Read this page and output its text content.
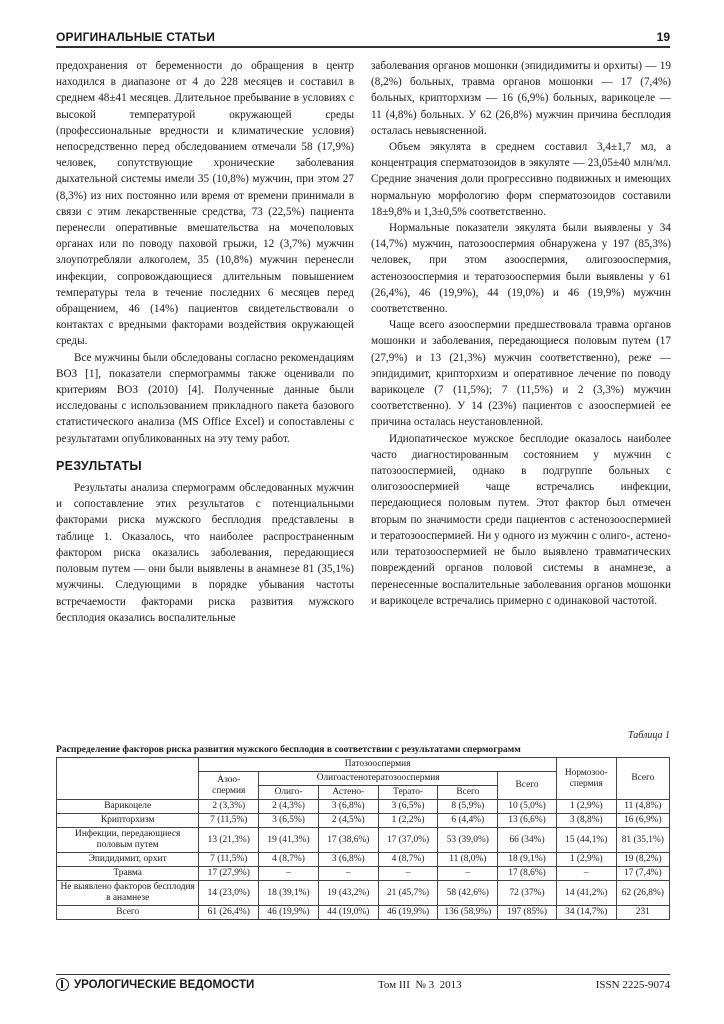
ОРИГИНАЛЬНЫЕ СТАТЬИ	19

предохранения от беременности до обращения в центр находился в диапазоне от 4 до 228 месяцев и составил в среднем 48±41 месяцев. Длительное пребывание в условиях с высокой температурой окружающей среды (профессиональные вредности и климатические условия) непосредственно перед обследованием отмечали 58 (17,9%) человек, сопутствующие хронические заболевания дыхательной системы имели 35 (10,8%) мужчин, при этом 27 (8,3%) из них постоянно или время от времени принимали в связи с этим лекарственные средства, 73 (22,5%) пациента перенесли оперативные вмешательства на мочеполовых органах или по поводу паховой грыжи, 12 (3,7%) мужчин злоупотребляли алкоголем, 35 (10,8%) мужчин перенесли инфекции, сопровождающиеся длительным повышением температуры тела в течение последних 6 месяцев перед обращением, 46 (14%) пациентов свидетельствовали о контактах с вредными факторами воздействия окружающей среды.

Все мужчины были обследованы согласно рекомендациям ВОЗ [1], показатели спермограммы также оценивали по критериям ВОЗ (2010) [4]. Полученные данные были исследованы с использованием прикладного пакета базового статистического анализа (MS Office Excel) и сопоставлены с результатами опубликованных на эту тему работ.

РЕЗУЛЬТАТЫ

Результаты анализа спермограмм обследованных мужчин и сопоставление этих результатов с потенциальными факторами риска мужского бесплодия представлены в таблице 1. Оказалось, что наиболее распространенным фактором риска оказались заболевания, передающиеся половым путем — они были выявлены в анамнезе 81 (35,1%) мужчины. Следующими в порядке убывания частоты встречаемости факторами риска развития мужского бесплодия оказались воспалительные

заболевания органов мошонки (эпидидимиты и орхиты) — 19 (8,2%) больных, травма органов мошонки — 17 (7,4%) больных, крипторхизм — 16 (6,9%) больных, варикоцеле — 11 (4,8%) больных. У 62 (26,8%) мужчин причина бесплодия осталась невыясненной.

Объем эякулята в среднем составил 3,4±1,7 мл, а концентрация сперматозоидов в эякуляте — 23,05±40 млн/мл. Средние значения доли прогрессивно подвижных и имеющих нормальную морфологию форм сперматозоидов составили 18±9,8% и 1,3±0,5% соответственно.

Нормальные показатели эякулята были выявлены у 34 (14,7%) мужчин, патозооспермия обнаружена у 197 (85,3%) человек, при этом азооспермия, олигозооспермия, астенозооспермия и тератозооспермия были выявлены у 61 (26,4%), 46 (19,9%), 44 (19,0%) и 46 (19,9%) мужчин соответственно.

Чаще всего азооспермии предшествовала травма органов мошонки и заболевания, передающиеся половым путем (17 (27,9%) и 13 (21,3%) мужчин соответственно), реже — эпидидимит, крипторхизм и оперативное лечение по поводу варикоцеле (7 (11,5%); 7 (11,5%) и 2 (3,3%) мужчин соответственно). У 14 (23%) пациентов с азооспермией ее причина осталась неустановленной.

Идиопатическое мужское бесплодие оказалось наиболее часто диагностированным состоянием у мужчин с патозооспермией, однако в подгруппе больных с олигозооспермией чаще встречались инфекции, передающиеся половым путем. Этот фактор был отмечен вторым по значимости среди пациентов с астенозооспермией и тератозооспермией. Ни у одного из мужчин с олиго-, астено- или тератозооспермией не было выявлено травматических повреждений органов половой системы в анамнезе, а перенесенные воспалительные заболевания органов мошонки и варикоцеле встречались примерно с одинаковой частотой.

Таблица 1
Распределение факторов риска развития мужского бесплодия в соответствии с результатами спермограмм
	Патозооспермия						Нормозоо-
спермия	Всего
	Азоо-
спермия	Олигоастенотератозооспермия				Всего		
		Олиго-	Астено-	Терато-	Всего			
Варикоцеле	2 (3,3%)	2 (4,3%)	3 (6,8%)	3 (6,5%)	8 (5,9%)	10 (5,0%)	1 (2,9%)	11 (4,8%)
Крипторхизм	7 (11,5%)	3 (6,5%)	2 (4,5%)	1 (2,2%)	6 (4,4%)	13 (6,6%)	3 (8,8%)	16 (6,9%)
Инфекции, передающиеся половым путем	13 (21,3%)	19 (41,3%)	17 (38,6%)	17 (37,0%)	53 (39,0%)	66 (34%)	15 (44,1%)	81 (35,1%)
Эпидидимит, орхит	7 (11,5%)	4 (8,7%)	3 (6,8%)	4 (8,7%)	11 (8,0%)	18 (9,1%)	1 (2,9%)	19 (8,2%)
Травма	17 (27,9%)	–	–	–	–	17 (8,6%)	–	17 (7,4%)
Не выявлено факторов бесплодия в анамнезе	14 (23,0%)	18 (39,1%)	19 (43,2%)	21 (45,7%)	58 (42,6%)	72 (37%)	14 (41,2%)	62 (26,8%)
Всего	61 (26,4%)	46 (19,9%)	44 (19,0%)	46 (19,9%)	136 (58,9%)	197 (85%)	34 (14,7%)	231
УРОЛОГИЧЕСКИЕ ВЕДОМОСТИ	Том III  № 3  2013	ISSN 2225-9074
